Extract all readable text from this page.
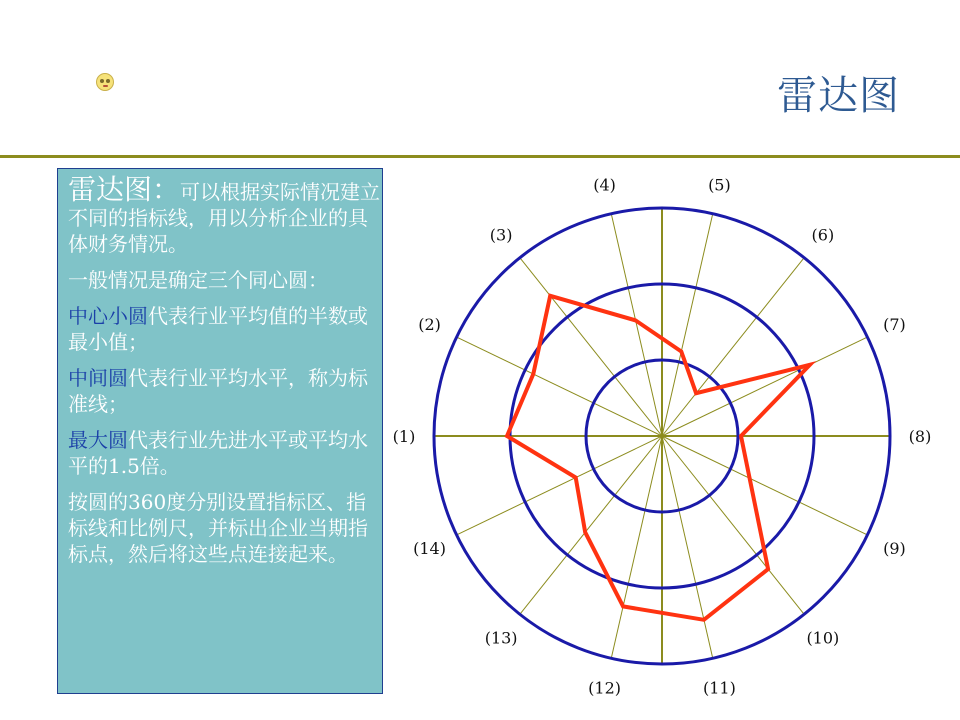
雷达图

雷达图：可以根据实际情况建立不同的指标线，用以分析企业的具体财务情况。

一般情况是确定三个同心圆：

中心小圆代表行业平均值的半数或最小值；

中间圆代表行业平均水平，称为标准线；

最大圆代表行业先进水平或平均水平的1.5倍。

按圆的360度分别设置指标区、指标线和比例尺，并标出企业当期指标点，然后将这些点连接起来。

(1)
(2)
(3)
(4)	(5)
(6)
(7)
(8)
(9)
(10)
(11)
(12)
(13)
(14)
